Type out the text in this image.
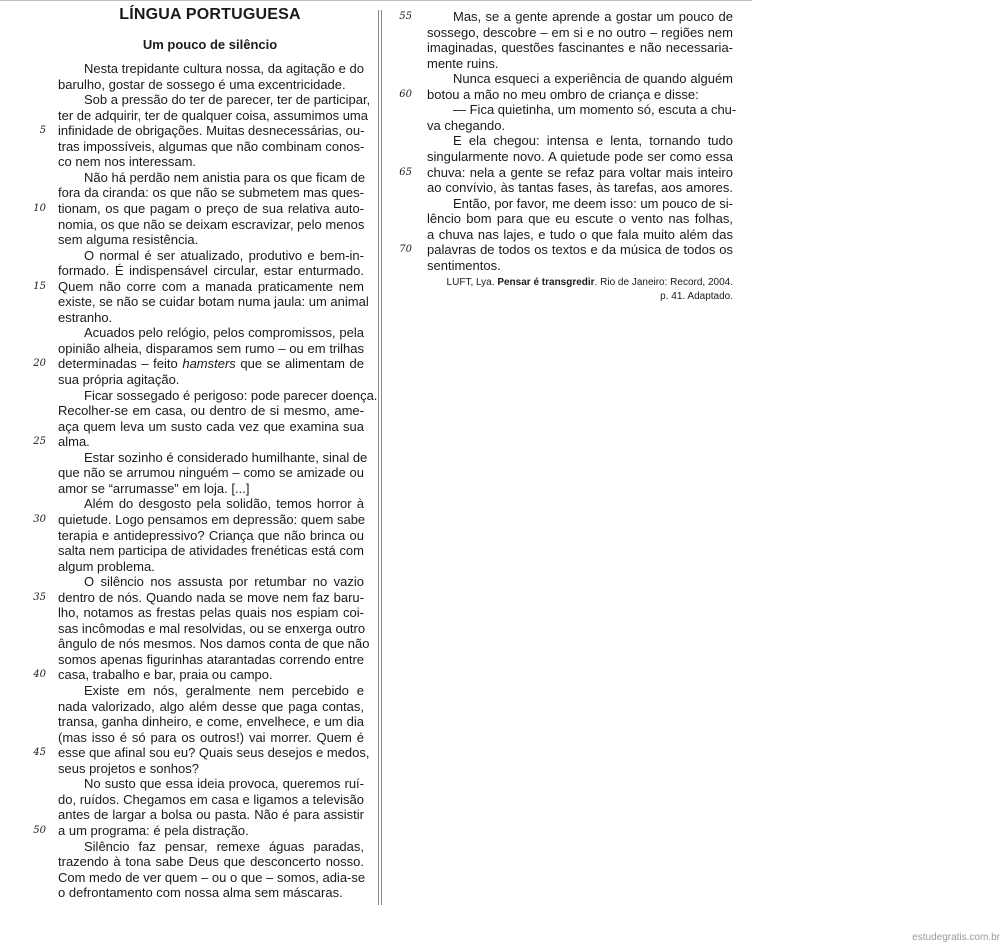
LÍNGUA PORTUGUESA
Um pouco de silêncio
Nesta trepidante cultura nossa, da agitação e do
barulho, gostar de sossego é uma excentricidade.
Sob a pressão do ter de parecer, ter de participar,
ter de adquirir, ter de qualquer coisa, assumimos uma
infinidade de obrigações. Muitas desnecessárias, ou-
5
tras impossíveis, algumas que não combinam conos-
co nem nos interessam.
Não há perdão nem anistia para os que ficam de
fora da ciranda: os que não se submetem mas ques-
tionam, os que pagam o preço de sua relativa auto-
10
nomia, os que não se deixam escravizar, pelo menos
sem alguma resistência.
O normal é ser atualizado, produtivo e bem-in-
formado. É indispensável circular, estar enturmado.
Quem não corre com a manada praticamente nem
15
existe, se não se cuidar botam numa jaula: um animal
estranho.
Acuados pelo relógio, pelos compromissos, pela
opinião alheia, disparamos sem rumo – ou em trilhas
determinadas – feito hamsters que se alimentam de
20
sua própria agitação.
Ficar sossegado é perigoso: pode parecer doença.
Recolher-se em casa, ou dentro de si mesmo, ame-
aça quem leva um susto cada vez que examina sua
alma.
25
Estar sozinho é considerado humilhante, sinal de
que não se arrumou ninguém – como se amizade ou
amor se “arrumasse” em loja. [...]
Além do desgosto pela solidão, temos horror à
quietude. Logo pensamos em depressão: quem sabe
30
terapia e antidepressivo? Criança que não brinca ou
salta nem participa de atividades frenéticas está com
algum problema.
O silêncio nos assusta por retumbar no vazio
dentro de nós. Quando nada se move nem faz baru-
35
lho, notamos as frestas pelas quais nos espiam coi-
sas incômodas e mal resolvidas, ou se enxerga outro
ângulo de nós mesmos. Nos damos conta de que não
somos apenas figurinhas atarantadas correndo entre
casa, trabalho e bar, praia ou campo.
40
Existe em nós, geralmente nem percebido e
nada valorizado, algo além desse que paga contas,
transa, ganha dinheiro, e come, envelhece, e um dia
(mas isso é só para os outros!) vai morrer. Quem é
esse que afinal sou eu? Quais seus desejos e medos,
45
seus projetos e sonhos?
No susto que essa ideia provoca, queremos ruí-
do, ruídos. Chegamos em casa e ligamos a televisão
antes de largar a bolsa ou pasta. Não é para assistir
a um programa: é pela distração.
50
Silêncio faz pensar, remexe águas paradas,
trazendo à tona sabe Deus que desconcerto nosso.
Com medo de ver quem – ou o que – somos, adia-se
o defrontamento com nossa alma sem máscaras.
Mas, se a gente aprende a gostar um pouco de
55
sossego, descobre – em si e no outro – regiões nem
imaginadas, questões fascinantes e não necessaria-
mente ruins.
Nunca esqueci a experiência de quando alguém
botou a mão no meu ombro de criança e disse:
60
— Fica quietinha, um momento só, escuta a chu-
va chegando.
E ela chegou: intensa e lenta, tornando tudo
singularmente novo. A quietude pode ser como essa
chuva: nela a gente se refaz para voltar mais inteiro
65
ao convívio, às tantas fases, às tarefas, aos amores.
Então, por favor, me deem isso: um pouco de si-
lêncio bom para que eu escute o vento nas folhas,
a chuva nas lajes, e tudo o que fala muito além das
palavras de todos os textos e da música de todos os
70
sentimentos.
LUFT, Lya. Pensar é transgredir. Rio de Janeiro: Record, 2004.
p. 41. Adaptado.
estudegratis.com.br
